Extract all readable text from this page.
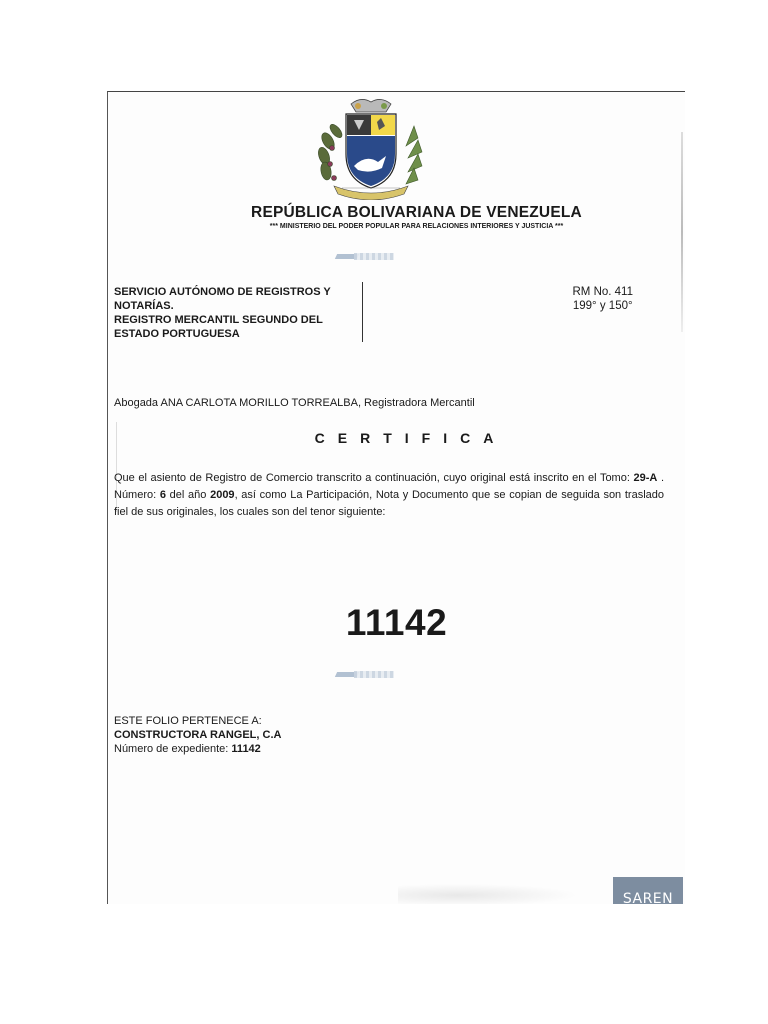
REPÚBLICA BOLIVARIANA DE VENEZUELA
*** MINISTERIO DEL PODER POPULAR PARA RELACIONES INTERIORES Y JUSTICIA ***
SERVICIO AUTÓNOMO DE REGISTROS Y
NOTARÍAS.
REGISTRO MERCANTIL SEGUNDO DEL
ESTADO PORTUGUESA
RM No. 411
199° y 150°
Abogada ANA CARLOTA MORILLO TORREALBA, Registradora Mercantil
CERTIFICA
Que el asiento de Registro de Comercio transcrito a continuación, cuyo original está inscrito en el Tomo: 29-A . Número: 6 del año 2009, así como La Participación, Nota y Documento que se copian de seguida son traslado fiel de sus originales, los cuales son del tenor siguiente:
11142
ESTE FOLIO PERTENECE A:
CONSTRUCTORA RANGEL, C.A
Número de expediente: 11142
SAREN
